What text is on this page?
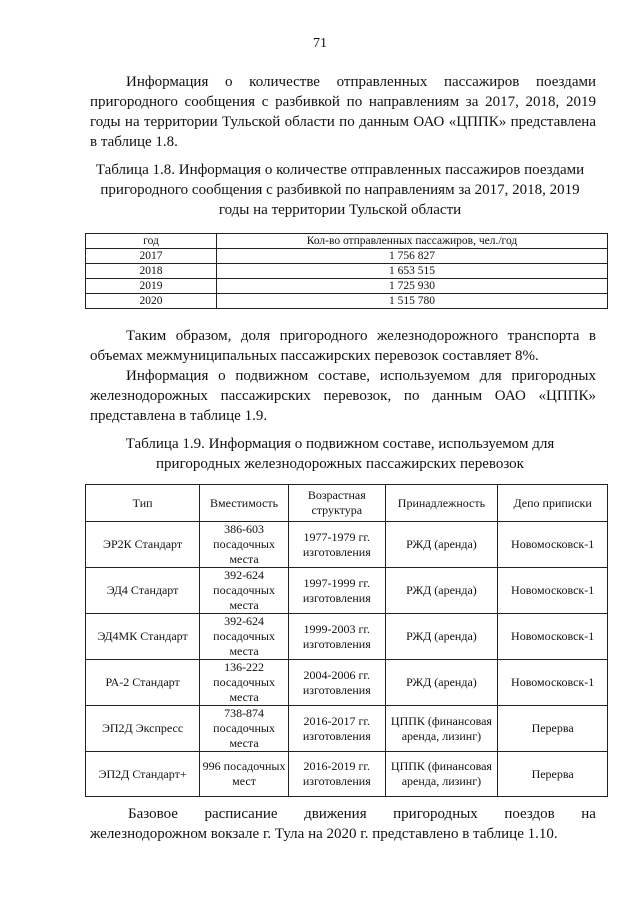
71
Информация о количестве отправленных пассажиров поездами пригородного сообщения с разбивкой по направлениям за 2017, 2018, 2019 годы на территории Тульской области по данным ОАО «ЦППК» представлена в таблице 1.8.
Таблица 1.8. Информация о количестве отправленных пассажиров поездами
пригородного сообщения с разбивкой по направлениям за 2017, 2018, 2019
годы на территории Тульской области
год	Кол-во отправленных пассажиров, чел./год
2017	1 756 827
2018	1 653 515
2019	1 725 930
2020	1 515 780
Таким образом, доля пригородного железнодорожного транспорта в объемах межмуниципальных пассажирских перевозок составляет 8%.
Информация о подвижном составе, используемом для пригородных железнодорожных пассажирских перевозок, по данным ОАО «ЦППК» представлена в таблице 1.9.
Таблица 1.9. Информация о подвижном составе, используемом для
пригородных железнодорожных пассажирских перевозок
Тип	Вместимость	Возрастная структура	Принадлежность	Депо приписки
ЭР2К Стандарт	386-603 посадочных места	1977-1979 гг. изготовления	РЖД (аренда)	Новомосковск-1
ЭД4 Стандарт	392-624 посадочных места	1997-1999 гг. изготовления	РЖД (аренда)	Новомосковск-1
ЭД4МК Стандарт	392-624 посадочных места	1999-2003 гг. изготовления	РЖД (аренда)	Новомосковск-1
РА-2 Стандарт	136-222 посадочных места	2004-2006 гг. изготовления	РЖД (аренда)	Новомосковск-1
ЭП2Д Экспресс	738-874 посадочных места	2016-2017 гг. изготовления	ЦППК (финансовая аренда, лизинг)	Перерва
ЭП2Д Стандарт+	996 посадочных мест	2016-2019 гг. изготовления	ЦППК (финансовая аренда, лизинг)	Перерва
Базовое расписание движения пригородных поездов на
железнодорожном вокзале г. Тула на 2020 г. представлено в таблице 1.10.
